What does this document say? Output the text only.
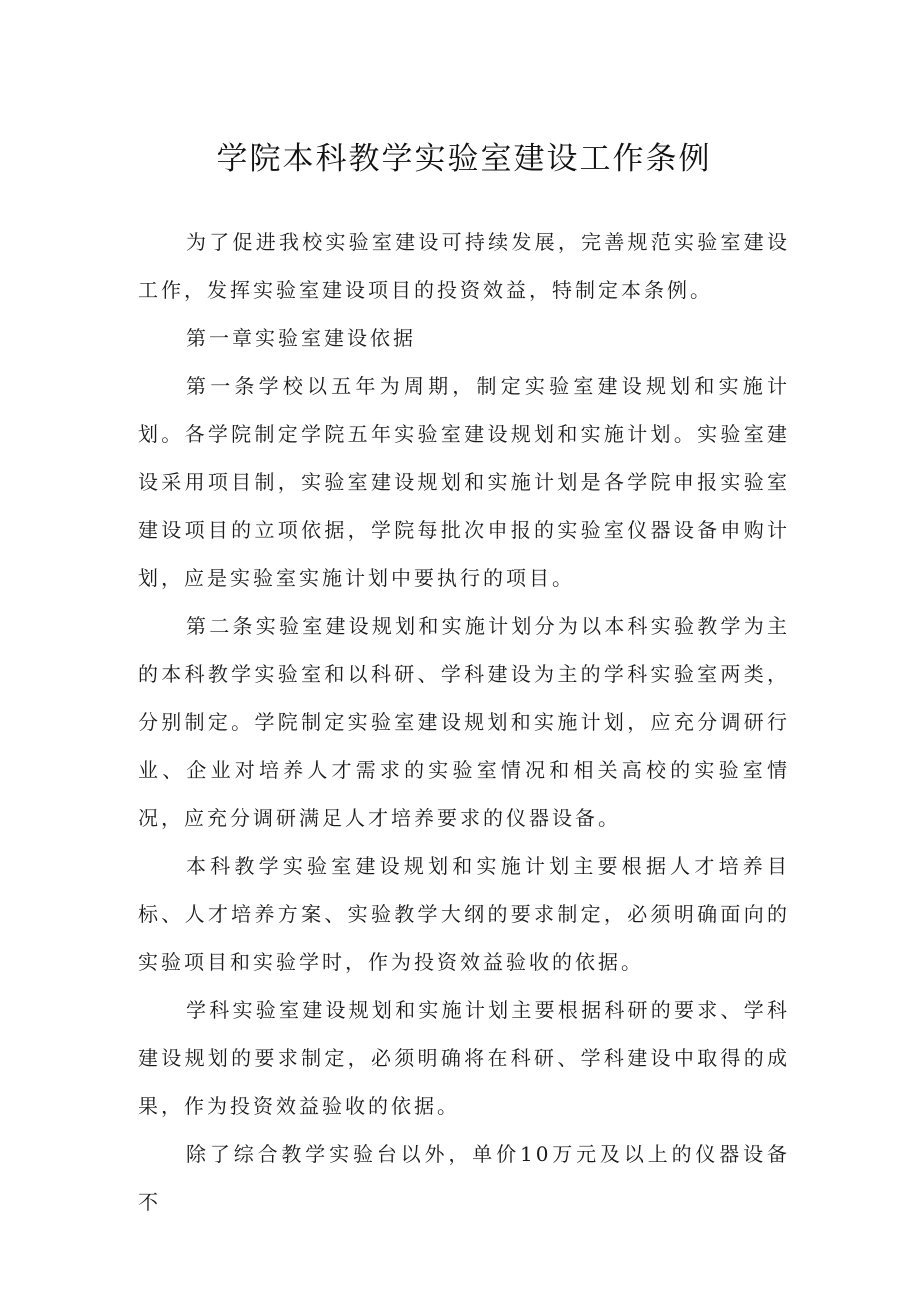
学院本科教学实验室建设工作条例

为了促进我校实验室建设可持续发展，完善规范实验室建设工作，发挥实验室建设项目的投资效益，特制定本条例。

第一章实验室建设依据

第一条学校以五年为周期，制定实验室建设规划和实施计划。各学院制定学院五年实验室建设规划和实施计划。实验室建设采用项目制，实验室建设规划和实施计划是各学院申报实验室建设项目的立项依据，学院每批次申报的实验室仪器设备申购计划，应是实验室实施计划中要执行的项目。

第二条实验室建设规划和实施计划分为以本科实验教学为主的本科教学实验室和以科研、学科建设为主的学科实验室两类，分别制定。学院制定实验室建设规划和实施计划，应充分调研行业、企业对培养人才需求的实验室情况和相关高校的实验室情况，应充分调研满足人才培养要求的仪器设备。

本科教学实验室建设规划和实施计划主要根据人才培养目标、人才培养方案、实验教学大纲的要求制定，必须明确面向的实验项目和实验学时，作为投资效益验收的依据。

学科实验室建设规划和实施计划主要根据科研的要求、学科建设规划的要求制定，必须明确将在科研、学科建设中取得的成果，作为投资效益验收的依据。

除了综合教学实验台以外，单价10万元及以上的仪器设备不
